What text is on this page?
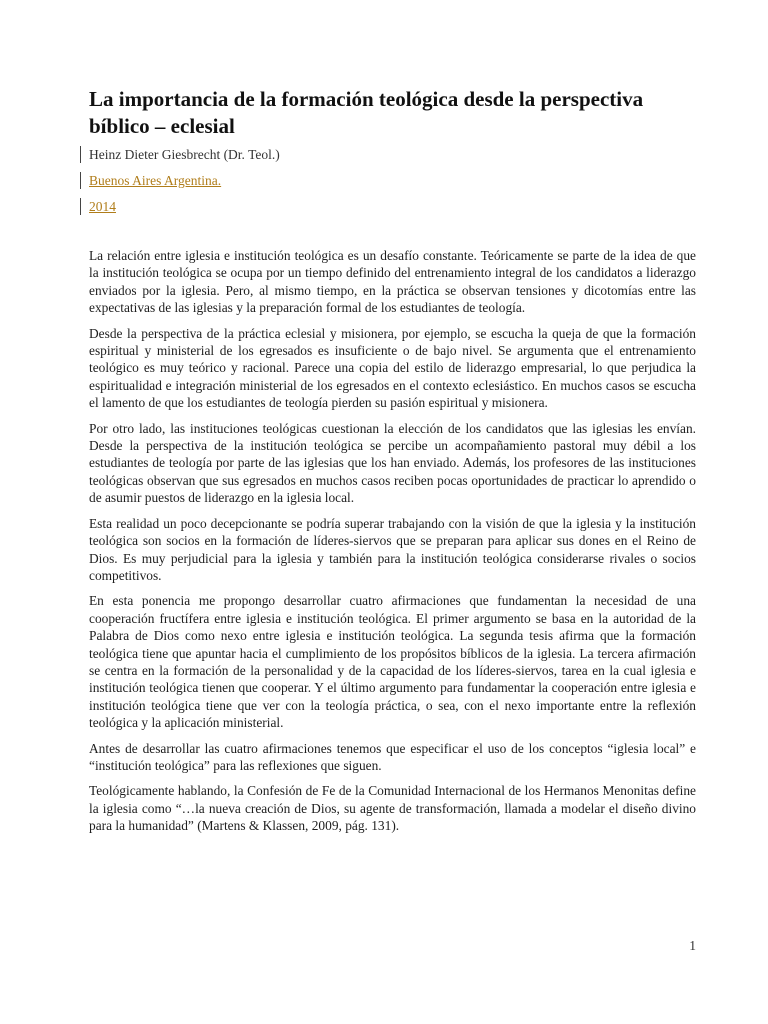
La importancia de la formación teológica desde la perspectiva bíblico – eclesial
Heinz Dieter Giesbrecht (Dr. Teol.)
Buenos Aires Argentina.
2014

La relación entre iglesia e institución teológica es un desafío constante. Teóricamente se parte de la idea de que la institución teológica se ocupa por un tiempo definido del entrenamiento integral de los candidatos a liderazgo enviados por la iglesia. Pero, al mismo tiempo, en la práctica se observan tensiones y dicotomías entre las expectativas de las iglesias y la preparación formal de los estudiantes de teología.

Desde la perspectiva de la práctica eclesial y misionera, por ejemplo, se escucha la queja de que la formación espiritual y ministerial de los egresados es insuficiente o de bajo nivel. Se argumenta que el entrenamiento teológico es muy teórico y racional. Parece una copia del estilo de liderazgo empresarial, lo que perjudica la espiritualidad e integración ministerial de los egresados en el contexto eclesiástico. En muchos casos se escucha el lamento de que los estudiantes de teología pierden su pasión espiritual y misionera.

Por otro lado, las instituciones teológicas cuestionan la elección de los candidatos que las iglesias les envían. Desde la perspectiva de la institución teológica se percibe un acompañamiento pastoral muy débil a los estudiantes de teología por parte de las iglesias que los han enviado. Además, los profesores de las instituciones teológicas observan que sus egresados en muchos casos reciben pocas oportunidades de practicar lo aprendido o de asumir puestos de liderazgo en la iglesia local.

Esta realidad un poco decepcionante se podría superar trabajando con la visión de que la iglesia y la institución teológica son socios en la formación de líderes-siervos que se preparan para aplicar sus dones en el Reino de Dios. Es muy perjudicial para la iglesia y también para la institución teológica considerarse rivales o socios competitivos.

En esta ponencia me propongo desarrollar cuatro afirmaciones que fundamentan la necesidad de una cooperación fructífera entre iglesia e institución teológica. El primer argumento se basa en la autoridad de la Palabra de Dios como nexo entre iglesia e institución teológica. La segunda tesis afirma que la formación teológica tiene que apuntar hacia el cumplimiento de los propósitos bíblicos de la iglesia. La tercera afirmación se centra en la formación de la personalidad y de la capacidad de los líderes-siervos, tarea en la cual iglesia e institución teológica tienen que cooperar. Y el último argumento para fundamentar la cooperación entre iglesia e institución teológica tiene que ver con la teología práctica, o sea, con el nexo importante entre la reflexión teológica y la aplicación ministerial.

Antes de desarrollar las cuatro afirmaciones tenemos que especificar el uso de los conceptos “iglesia local” e “institución teológica” para las reflexiones que siguen.

Teológicamente hablando, la Confesión de Fe de la Comunidad Internacional de los Hermanos Menonitas define la iglesia como “…la nueva creación de Dios, su agente de transformación, llamada a modelar el diseño divino para la humanidad” (Martens & Klassen, 2009, pág. 131).

1
